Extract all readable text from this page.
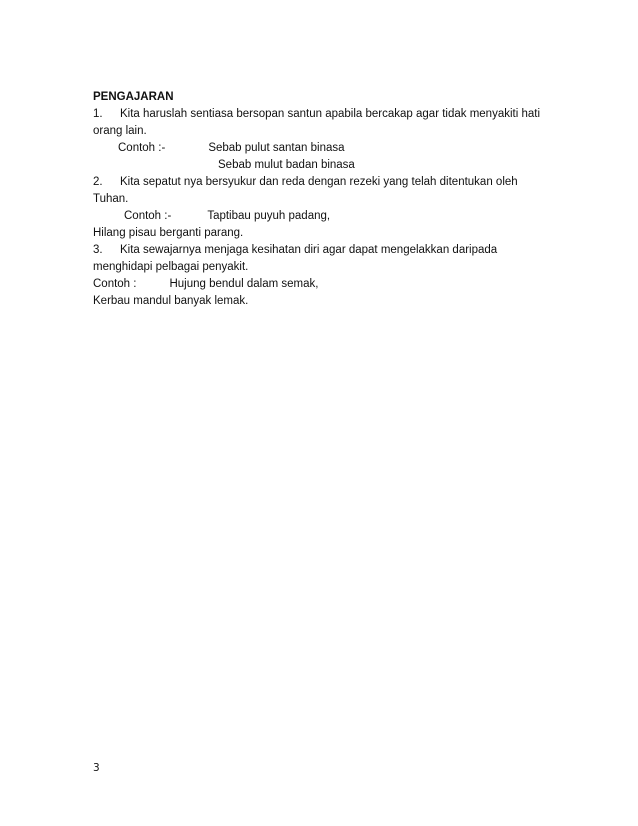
PENGAJARAN
1. Kita haruslah sentiasa bersopan santun apabila bercakap agar tidak menyakiti hati
orang lain.
Contoh :-	Sebab pulut santan binasa
Sebab mulut badan binasa
2. Kita sepatut nya bersyukur dan reda dengan rezeki yang telah ditentukan oleh
Tuhan.
Contoh :-	Taptibau puyuh padang,
Hilang pisau berganti parang.
3. Kita sewajarnya menjaga kesihatan diri agar dapat mengelakkan daripada
menghidapi pelbagai penyakit.
Contoh :	Hujung bendul dalam semak,
Kerbau mandul banyak lemak.
3
